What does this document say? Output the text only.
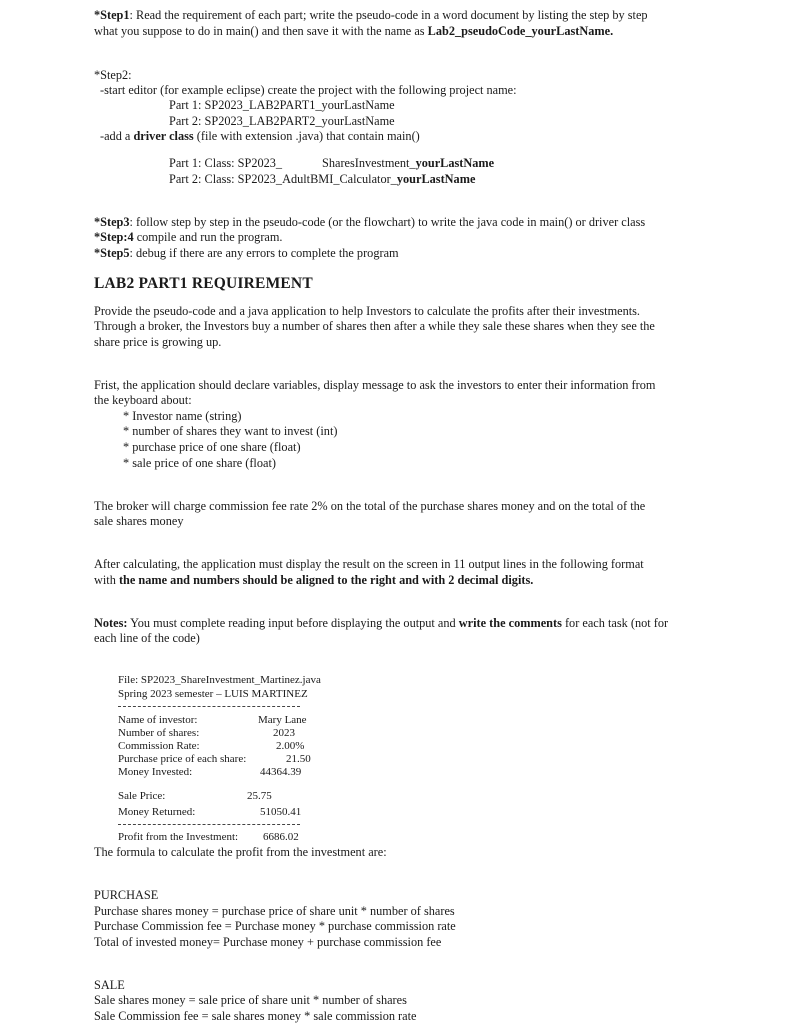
*Step1: Read the requirement of each part; write the pseudo-code in a word document by listing the step by step
what you suppose to do in main() and then save it with the name as Lab2_pseudoCode_yourLastName.
*Step2:
-start editor (for example eclipse) create the project with the following project name:
Part 1: SP2023_LAB2PART1_yourLastName
Part 2: SP2023_LAB2PART2_yourLastName
-add a driver class (file with extension .java) that contain main()
Part 1: Class: SP2023_	SharesInvestment_yourLastName
Part 2: Class: SP2023_AdultBMI_Calculator_yourLastName
*Step3: follow step by step in the pseudo-code (or the flowchart) to write the java code in main() or driver class
*Step:4 compile and run the program.
*Step5: debug if there are any errors to complete the program
LAB2 PART1 REQUIREMENT
Provide the pseudo-code and a java application to help Investors to calculate the profits after their investments.
Through a broker, the Investors buy a number of shares then after a while they sale these shares when they see the
share price is growing up.
Frist, the application should declare variables, display message to ask the investors to enter their information from
the keyboard about:
* Investor name (string)
* number of shares they want to invest (int)
* purchase price of one share (float)
* sale price of one share (float)
The broker will charge commission fee rate 2% on the total of the purchase shares money and on the total of the
sale shares money
After calculating, the application must display the result on the screen in 11 output lines in the following format
with the name and numbers should be aligned to the right and with 2 decimal digits.
Notes: You must complete reading input before displaying the output and write the comments for each task (not for
each line of the code)
File: SP2023_ShareInvestment_Martinez.java
Spring 2023 semester – LUIS MARTINEZ
Name of investor:	Mary Lane
Number of shares:	2023
Commission Rate:	2.00%
Purchase price of each share:	21.50
Money Invested:	44364.39
Sale Price:	25.75
Money Returned:	51050.41
Profit from the Investment: 6686.02
The formula to calculate the profit from the investment are:
PURCHASE
Purchase shares money = purchase price of share unit * number of shares
Purchase Commission fee = Purchase money * purchase commission rate
Total of invested money= Purchase money + purchase commission fee
SALE
Sale shares money = sale price of share unit * number of shares
Sale Commission fee = sale shares money * sale commission rate
